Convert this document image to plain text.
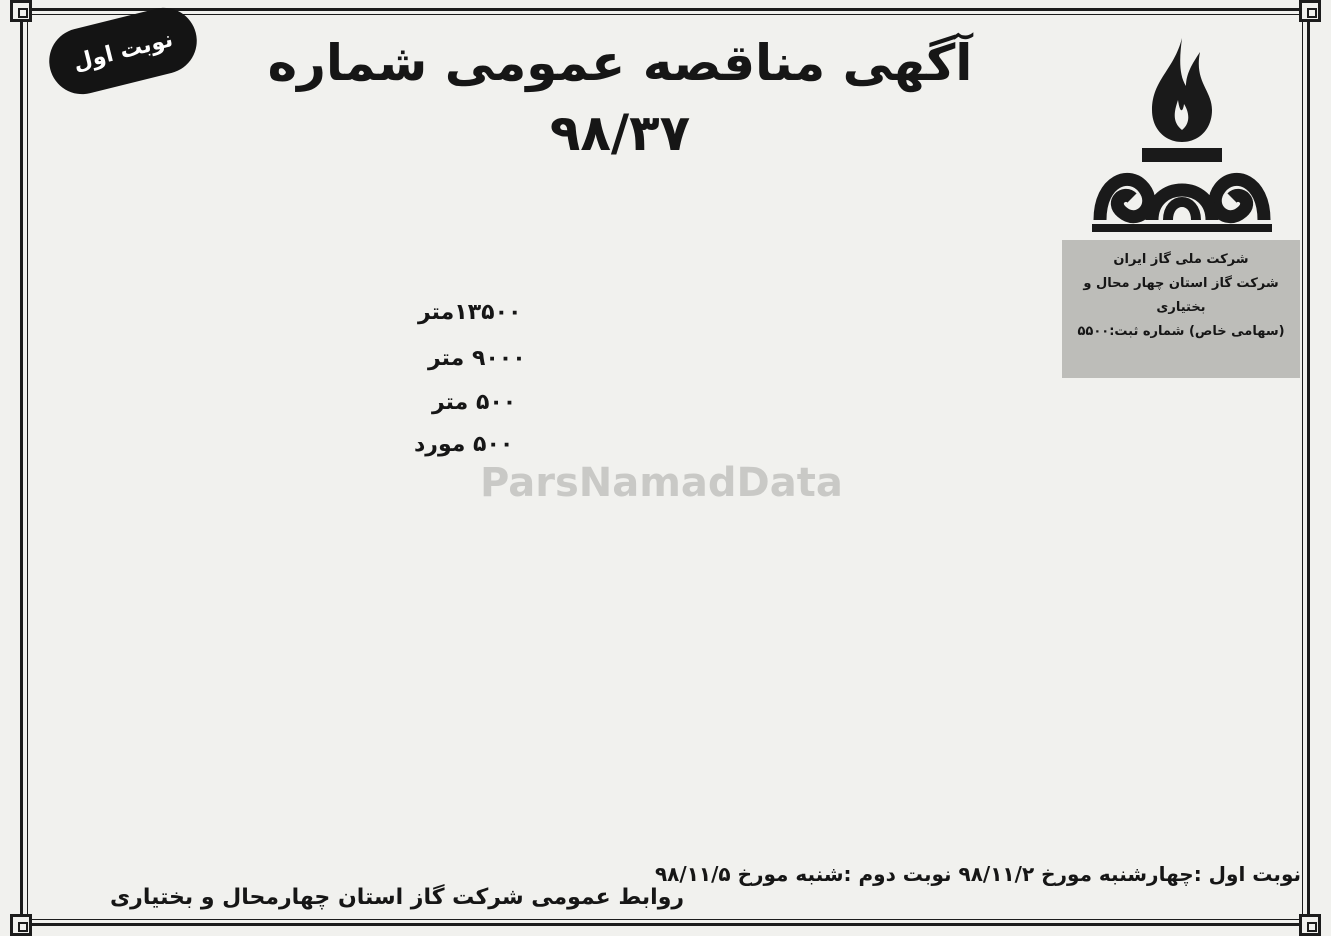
نوبت اول	آگهی مناقصه عمومی شماره ۹۸/۳۷
شرکت ملی گاز ایران
شرکت گاز استان چهار محال و بختیاری
(سهامی خاص) شماره ثبت:۵۵۰۰
ParsNamadData
۱۳۵۰۰متر
۹۰۰۰ متر
۵۰۰ متر
۵۰۰ مورد
نوبت اول :چهارشنبه مورخ ۹۸/۱۱/۲ نوبت دوم :شنبه مورخ ۹۸/۱۱/۵
روابط عمومی شرکت گاز استان چهارمحال و بختیاری
